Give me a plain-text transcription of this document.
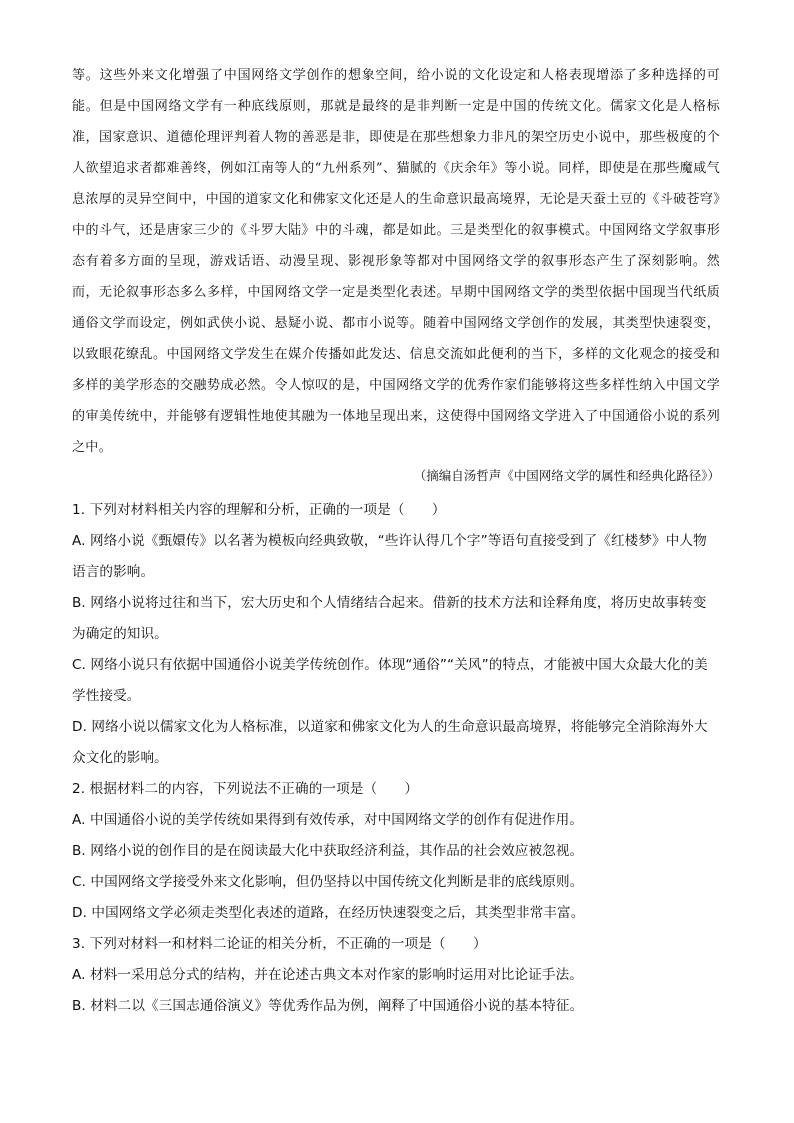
等。这些外来文化增强了中国网络文学创作的想象空间，给小说的文化设定和人格表现增添了多种选择的可能。但是中国网络文学有一种底线原则，那就是最终的是非判断一定是中国的传统文化。儒家文化是人格标准，国家意识、道德伦理评判着人物的善恶是非，即使是在那些想象力非凡的架空历史小说中，那些极度的个人欲望追求者都难善终，例如江南等人的“九州系列”、猫腻的《庆余年》等小说。同样，即使是在那些魔咸气息浓厚的灵异空间中，中国的道家文化和佛家文化还是人的生命意识最高境界，无论是天蚕土豆的《斗破苍穹》中的斗气，还是唐家三少的《斗罗大陆》中的斗魂，都是如此。三是类型化的叙事模式。中国网络文学叙事形态有着多方面的呈现，游戏话语、动漫呈现、影视形象等都对中国网络文学的叙事形态产生了深刻影响。然而，无论叙事形态多么多样，中国网络文学一定是类型化表述。早期中国网络文学的类型依据中国现当代纸质通俗文学而设定，例如武侠小说、悬疑小说、都市小说等。随着中国网络文学创作的发展，其类型快速裂变，以致眼花缭乱。中国网络文学发生在媒介传播如此发达、信息交流如此便利的当下，多样的文化观念的接受和多样的美学形态的交融势成必然。令人惊叹的是，中国网络文学的优秀作家们能够将这些多样性纳入中国文学的审美传统中，并能够有逻辑性地使其融为一体地呈现出来，这使得中国网络文学进入了中国通俗小说的系列之中。

（摘编自汤哲声《中国网络文学的属性和经典化路径》）

1. 下列对材料相关内容的理解和分析，正确的一项是（　　）

A. 网络小说《甄嬛传》以名著为模板向经典致敬，“些许认得几个字”等语句直接受到了《红楼梦》中人物语言的影响。

B. 网络小说将过往和当下，宏大历史和个人情绪结合起来。借新的技术方法和诠释角度，将历史故事转变为确定的知识。

C. 网络小说只有依据中国通俗小说美学传统创作。体现“通俗”“关风”的特点，才能被中国大众最大化的美学性接受。

D. 网络小说以儒家文化为人格标准，以道家和佛家文化为人的生命意识最高境界，将能够完全消除海外大众文化的影响。

2. 根据材料二的内容，下列说法不正确的一项是（　　）

A. 中国通俗小说的美学传统如果得到有效传承，对中国网络文学的创作有促进作用。

B. 网络小说的创作目的是在阅读最大化中获取经济利益，其作品的社会效应被忽视。

C. 中国网络文学接受外来文化影响，但仍坚持以中国传统文化判断是非的底线原则。

D. 中国网络文学必须走类型化表述的道路，在经历快速裂变之后，其类型非常丰富。

3. 下列对材料一和材料二论证的相关分析，不正确的一项是（　　）

A. 材料一采用总分式的结构，并在论述古典文本对作家的影响时运用对比论证手法。

B. 材料二以《三国志通俗演义》等优秀作品为例，阐释了中国通俗小说的基本特征。
